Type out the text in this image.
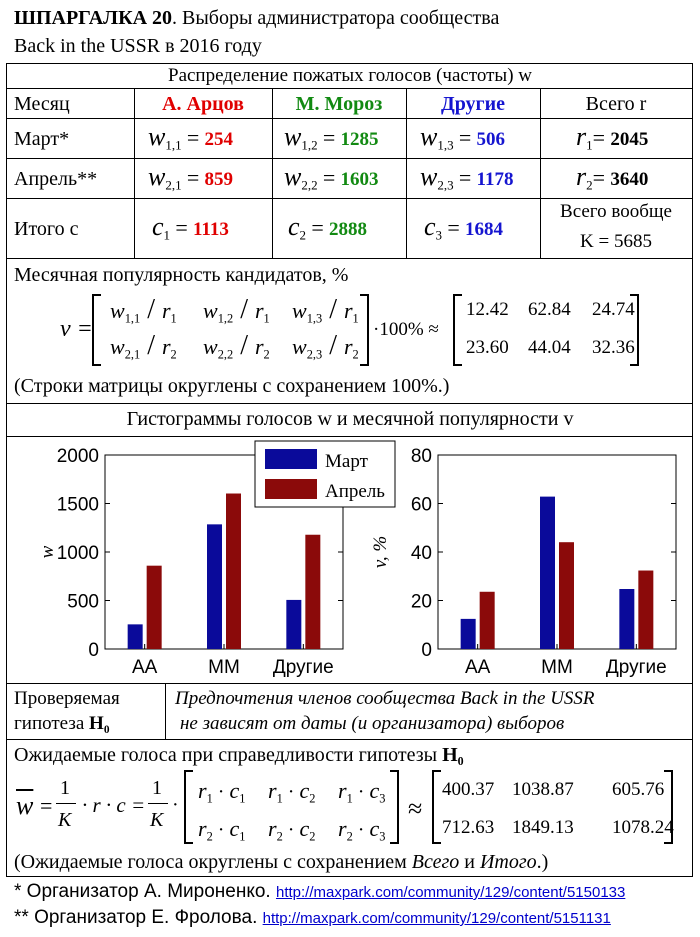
ШПАРГАЛКА 20. Выборы администратора сообщества
Back in the USSR в 2016 году
Распределение пожатых голосов (частоты) w
Месяц	А. Арцов	М. Мороз	Другие	Всего r
Март*	$w_{1,1} = 254$ $w_{1,2} = 1285$ $w_{1,3} = 506$	$r_1= 2045$
Апрель** $w_{2,1} = 859$ $w_{2,2} = 1603$ $w_{2,3} = 1178$ $r_2= 3640$
Итого c	$c_1 = 1113$ $c_2 = 2888$ $c_3 = 1684$
Всего вообще
K = 5685
Месячная популярность кандидатов, %
v =
$w_{1,1} / r_1$ $w_{1,2} / r_1$ $w_{1,3} / r_1$
$w_{2,1} / r_2$ $w_{2,2} / r_2$ $w_{2,3} / r_2$
·100% ≈
12.42 62.84 24.74
23.60 44.04 32.36
(Строки матрицы округлены с сохранением 100%.)
Гистограммы голосов w и месячной популярности v
0
500
1000
1500
2000
AA	MM Другие
w
Март
Апрель
0
20
40
60
80
AA	MM Другие
v, %
Проверяемая
гипотеза H₀
Предпочтения членов сообщества Back in the USSR
не зависят от даты (и организатора) выборов
Ожидаемые голоса при справедливости гипотезы H₀
$\overline{w}$ =
1
K
· r · c =
1
K
·
$r_1 \cdot c_1$ $r_1 \cdot c_2$ $r_1 \cdot c_3$
$r_2 \cdot c_1$ $r_2 \cdot c_2$ $r_2 \cdot c_3$
≈
400.37 1038.87 605.76
712.63 1849.13 1078.24
(Ожидаемые голоса округлены с сохранением Всего и Итого.)
* Организатор А. Мироненко. http://maxpark.com/community/129/content/5150133
** Организатор Е. Фролова. http://maxpark.com/community/129/content/5151131
